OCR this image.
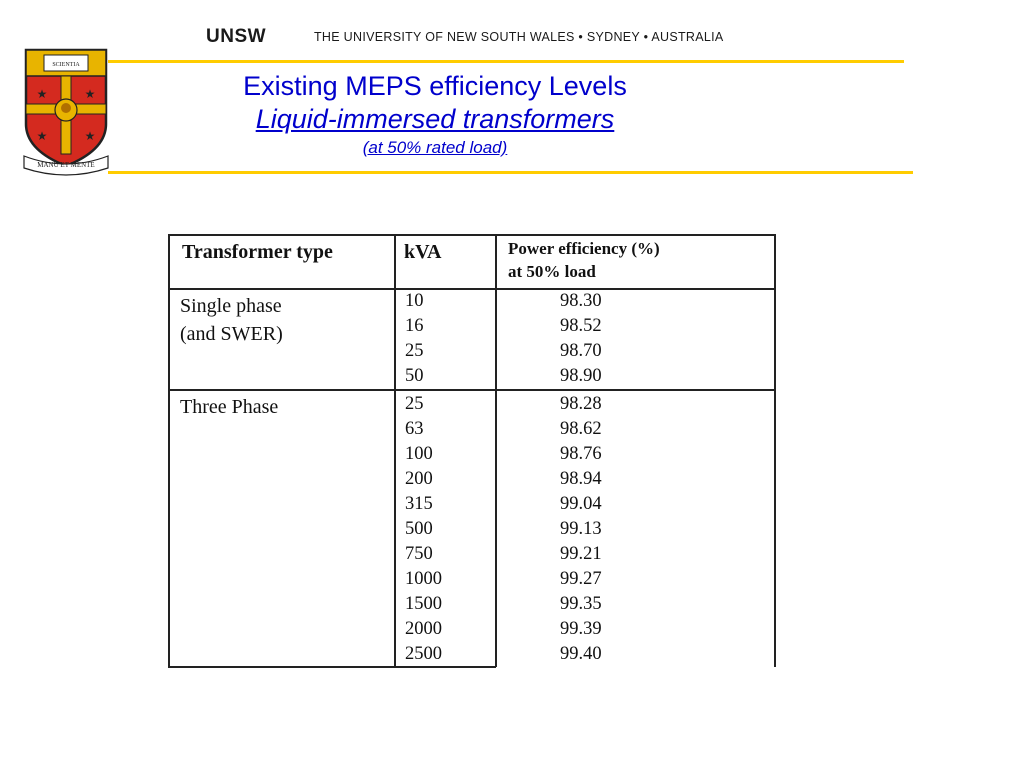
UNSW	THE UNIVERSITY OF NEW SOUTH WALES • SYDNEY • AUSTRALIA
SCIENTIA
★	★
★	★
MANU ET MENTE
Existing MEPS efficiency Levels
Liquid-immersed transformers
(at 50% rated load)
Transformer type	kVA	Power efficiency (%)
at 50% load
Single phase
(and SWER)
10	98.30
16	98.52
25	98.70
50	98.90
Three Phase	25	98.28
63	98.62
100	98.76
200	98.94
315	99.04
500	99.13
750	99.21
1000	99.27
1500	99.35
2000	99.39
2500	99.40
